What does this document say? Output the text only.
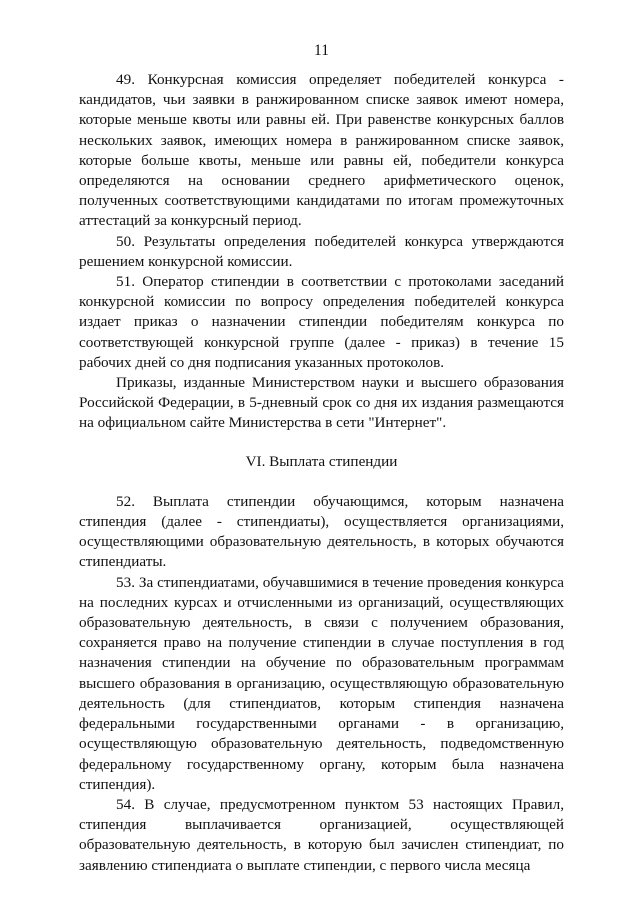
11

49. Конкурсная комиссия определяет победителей конкурса - кандидатов, чьи заявки в ранжированном списке заявок имеют номера, которые меньше квоты или равны ей. При равенстве конкурсных баллов нескольких заявок, имеющих номера в ранжированном списке заявок, которые больше квоты, меньше или равны ей, победители конкурса определяются на основании среднего арифметического оценок, полученных соответствующими кандидатами по итогам промежуточных аттестаций за конкурсный период.

50. Результаты определения победителей конкурса утверждаются решением конкурсной комиссии.

51. Оператор стипендии в соответствии с протоколами заседаний конкурсной комиссии по вопросу определения победителей конкурса издает приказ о назначении стипендии победителям конкурса по соответствующей конкурсной группе (далее - приказ) в течение 15 рабочих дней со дня подписания указанных протоколов.

Приказы, изданные Министерством науки и высшего образования Российской Федерации, в 5-дневный срок со дня их издания размещаются на официальном сайте Министерства в сети "Интернет".

VI. Выплата стипендии

52. Выплата стипендии обучающимся, которым назначена стипендия (далее - стипендиаты), осуществляется организациями, осуществляющими образовательную деятельность, в которых обучаются стипендиаты.

53. За стипендиатами, обучавшимися в течение проведения конкурса на последних курсах и отчисленными из организаций, осуществляющих образовательную деятельность, в связи с получением образования, сохраняется право на получение стипендии в случае поступления в год назначения стипендии на обучение по образовательным программам высшего образования в организацию, осуществляющую образовательную деятельность (для стипендиатов, которым стипендия назначена федеральными государственными органами - в организацию, осуществляющую образовательную деятельность, подведомственную федеральному государственному органу, которым была назначена стипендия).

54. В случае, предусмотренном пунктом 53 настоящих Правил, стипендия выплачивается организацией, осуществляющей образовательную деятельность, в которую был зачислен стипендиат, по заявлению стипендиата о выплате стипендии, с первого числа месяца
